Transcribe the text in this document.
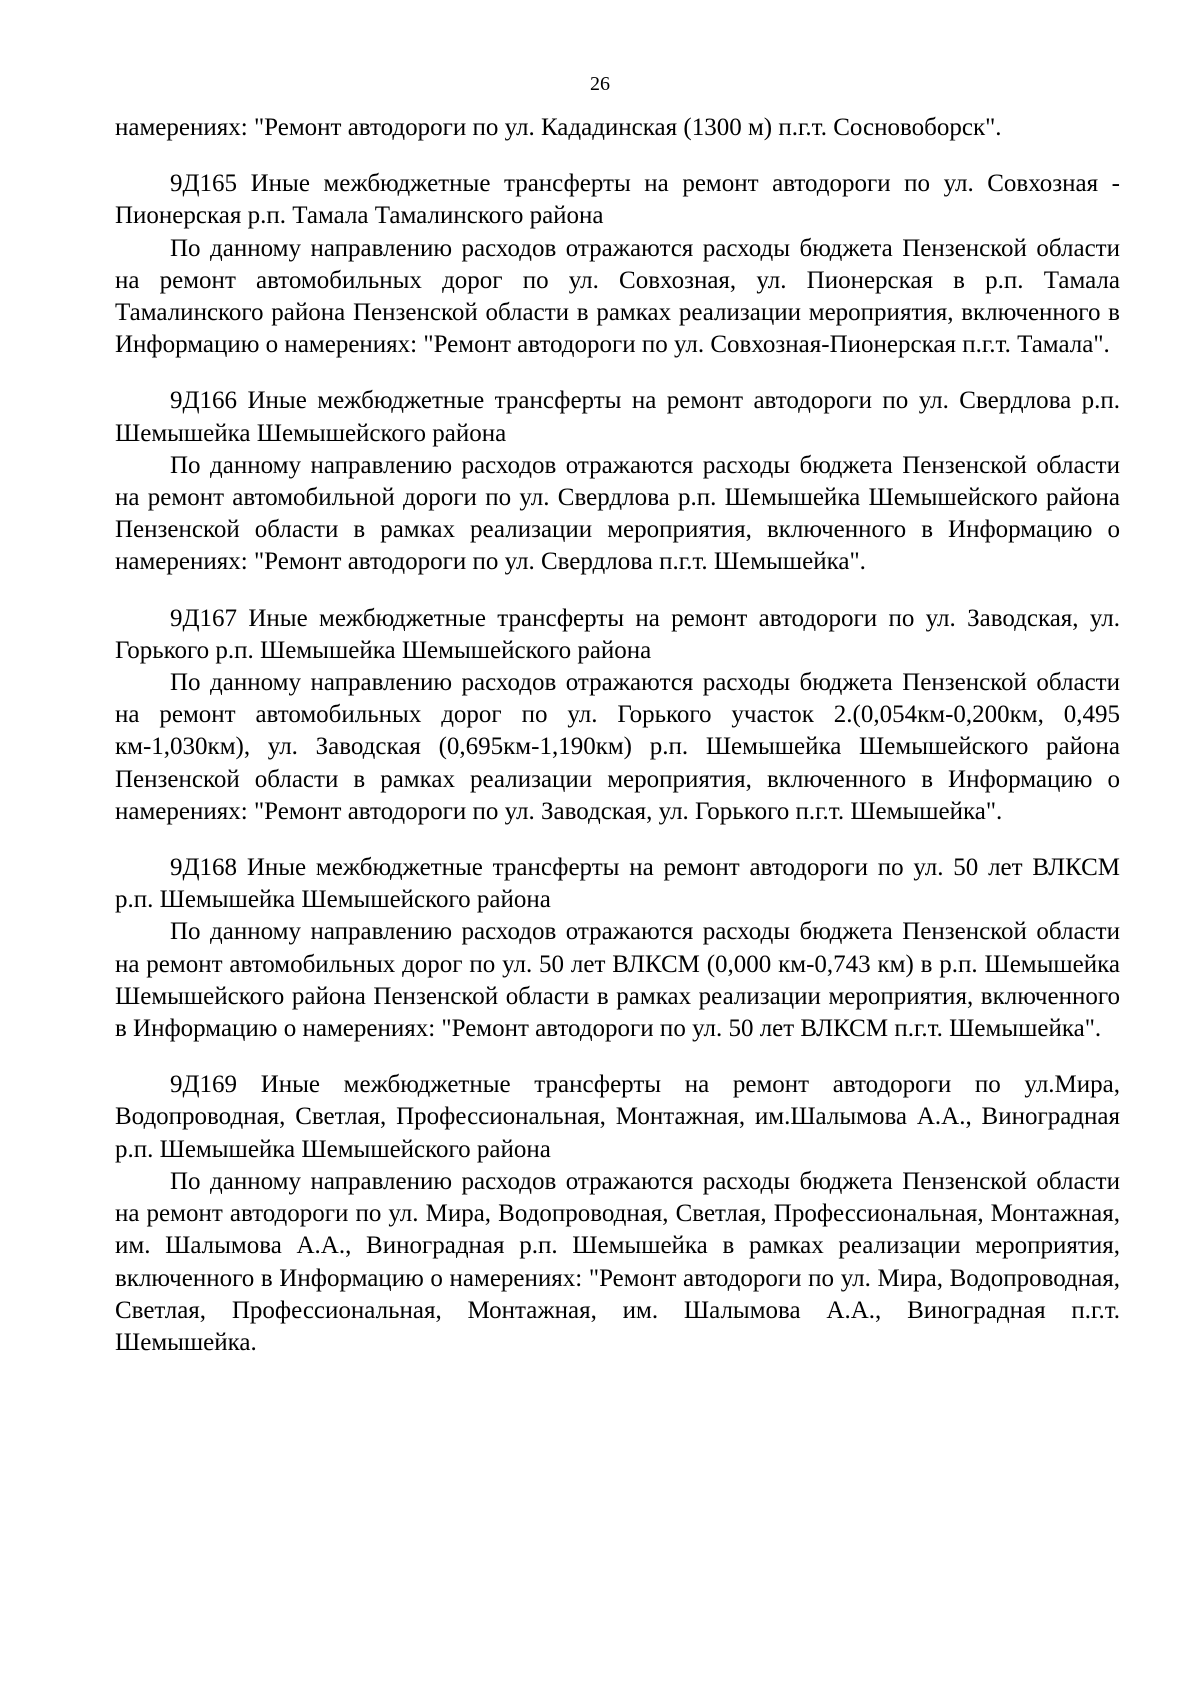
26

намерениях: "Ремонт автодороги по ул. Кададинская (1300 м) п.г.т. Сосновоборск".

9Д165 Иные межбюджетные трансферты на ремонт автодороги по ул. Совхозная - Пионерская р.п. Тамала Тамалинского района

По данному направлению расходов отражаются расходы бюджета Пензенской области на ремонт автомобильных дорог по ул. Совхозная, ул. Пионерская в р.п. Тамала Тамалинского района Пензенской области в рамках реализации мероприятия, включенного в Информацию о намерениях: "Ремонт автодороги по ул. Совхозная-Пионерская п.г.т. Тамала".

9Д166 Иные межбюджетные трансферты на ремонт автодороги по ул. Свердлова р.п. Шемышейка Шемышейского района

По данному направлению расходов отражаются расходы бюджета Пензенской области на ремонт автомобильной дороги по ул. Свердлова р.п. Шемышейка Шемышейского района Пензенской области в рамках реализации мероприятия, включенного в Информацию о намерениях: "Ремонт автодороги по ул. Свердлова п.г.т. Шемышейка".

9Д167 Иные межбюджетные трансферты на ремонт автодороги по ул. Заводская, ул. Горького р.п. Шемышейка Шемышейского района

По данному направлению расходов отражаются расходы бюджета Пензенской области на ремонт автомобильных дорог по ул. Горького участок 2.(0,054км-0,200км, 0,495 км-1,030км), ул. Заводская (0,695км-1,190км) р.п. Шемышейка Шемышейского района Пензенской области в рамках реализации мероприятия, включенного в Информацию о намерениях: "Ремонт автодороги по ул. Заводская, ул. Горького п.г.т. Шемышейка".

9Д168 Иные межбюджетные трансферты на ремонт автодороги по ул. 50 лет ВЛКСМ р.п. Шемышейка Шемышейского района

По данному направлению расходов отражаются расходы бюджета Пензенской области на ремонт автомобильных дорог по ул. 50 лет ВЛКСМ (0,000 км-0,743 км) в р.п. Шемышейка Шемышейского района Пензенской области в рамках реализации мероприятия, включенного в Информацию о намерениях: "Ремонт автодороги по ул. 50 лет ВЛКСМ п.г.т. Шемышейка".

9Д169 Иные межбюджетные трансферты на ремонт автодороги по ул.Мира, Водопроводная, Светлая, Профессиональная, Монтажная, им.Шалымова А.А., Виноградная р.п. Шемышейка Шемышейского района

По данному направлению расходов отражаются расходы бюджета Пензенской области на ремонт автодороги по ул. Мира, Водопроводная, Светлая, Профессиональная, Монтажная, им. Шалымова А.А., Виноградная р.п. Шемышейка в рамках реализации мероприятия, включенного в Информацию о намерениях: "Ремонт автодороги по ул. Мира, Водопроводная, Светлая, Профессиональная, Монтажная, им. Шалымова А.А., Виноградная п.г.т. Шемышейка.
